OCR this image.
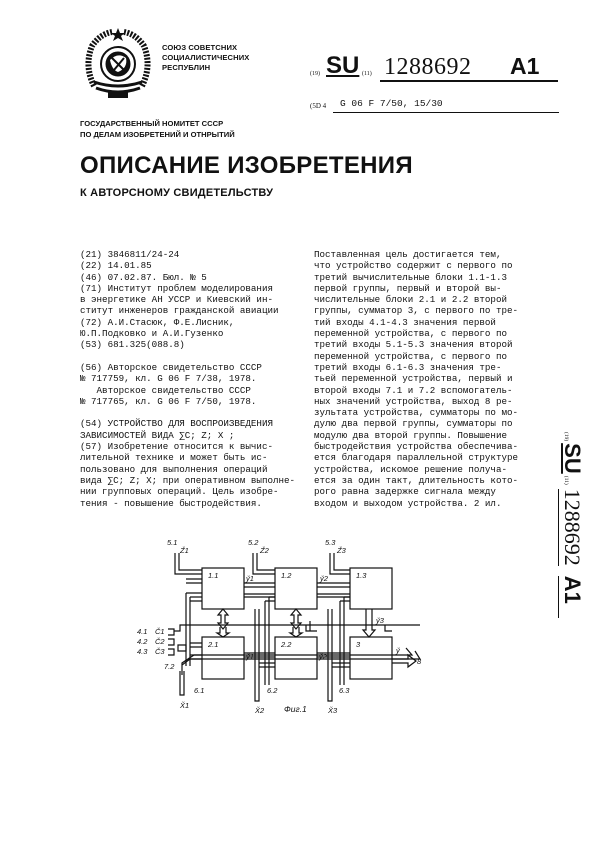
СОЮЗ СОВЕТСНИХ
СОЦИАЛИСТИЧЕСНИХ
РЕСПУБЛИН
ГОСУДАРСТВЕННЫЙ НОМИТЕТ СССР
ПО ДЕЛАМ ИЗОБРЕТЕНИЙ И ОТНРЫТИЙ
(19) SU (11) 1288692 A1
(5D 4 G 06 F 7/50, 15/30
ОПИСАНИЕ ИЗОБРЕТЕНИЯ
К АВТОРСНОМУ СВИДЕТЕЛЬСТВУ
(21) 3846811/24-24
(22) 14.01.85
(46) 07.02.87. Бюл. № 5
(71) Институт проблем моделирования
в энергетике АН УССР и Киевский ин-
ститут инженеров гражданской авиации
(72) А.И.Стасюк, Ф.Е.Лисник,
Ю.П.Подковко и А.И.Гузенко
(53) 681.325(088.8)
(56) Авторское свидетельство СССР
№ 717759, кл. G 06 F 7/38, 1978.
Авторское свидетельство СССР
№ 717765, кл. G 06 F 7/50, 1978.
(54) УСТРОЙСТВО ДЛЯ ВОСПРОИЗВЕДЕНИЯ
ЗАВИСИМОСТЕЙ ВИДА ∑C; Z; X ;
(57) Изобретение относится к вычис-
лительной технике и может быть ис-
пользовано для выполнения операций
вида ∑C; Z; X; при оперативном выполне-
нии групповых операций. Цель изобре-
тения - повышение быстродействия.
Поставленная цель достигается тем,
что устройство содержит с первого по
третий вычислительные блоки 1.1-1.3
первой группы, первый и второй вы-
числительные блоки 2.1 и 2.2 второй
группы, сумматор 3, с первого по тре-
тий входы 4.1-4.3 значения первой
переменной устройства, с первого по
третий входы 5.1-5.3 значения второй
переменной устройства, с первого по
третий входы 6.1-6.3 значения тре-
тьей переменной устройства, первый и
второй входы 7.1 и 7.2 вспомогатель-
ных значений устройства, выход 8 ре-
зультата устройства, сумматоры по мо-
дулю два первой группы, сумматоры по
модулю два второй группы. Повышение
быстродействия устройства обеспечива-
ется благодаря параллельной структуре
устройства, искомое решение получа-
ется за один такт, длительность кото-
рого равна задержке сигнала между
входом и выходом устройства. 2 ил.
(19)SU(11)1288692A1
1.1	1.2	1.3
2.1	2.2	3
5.1
Z̆1
5.2
Z̆2
5.3
Z̆3
y̆1	y̆2
y̆3
4.1 C̆1
4.2 C̆2
4.3 C̆3
7.2
6.1
X̆1
6.2
X̆2
6.3
X̆3
y̆1	y̆2
y̆
8
Фиг.1
